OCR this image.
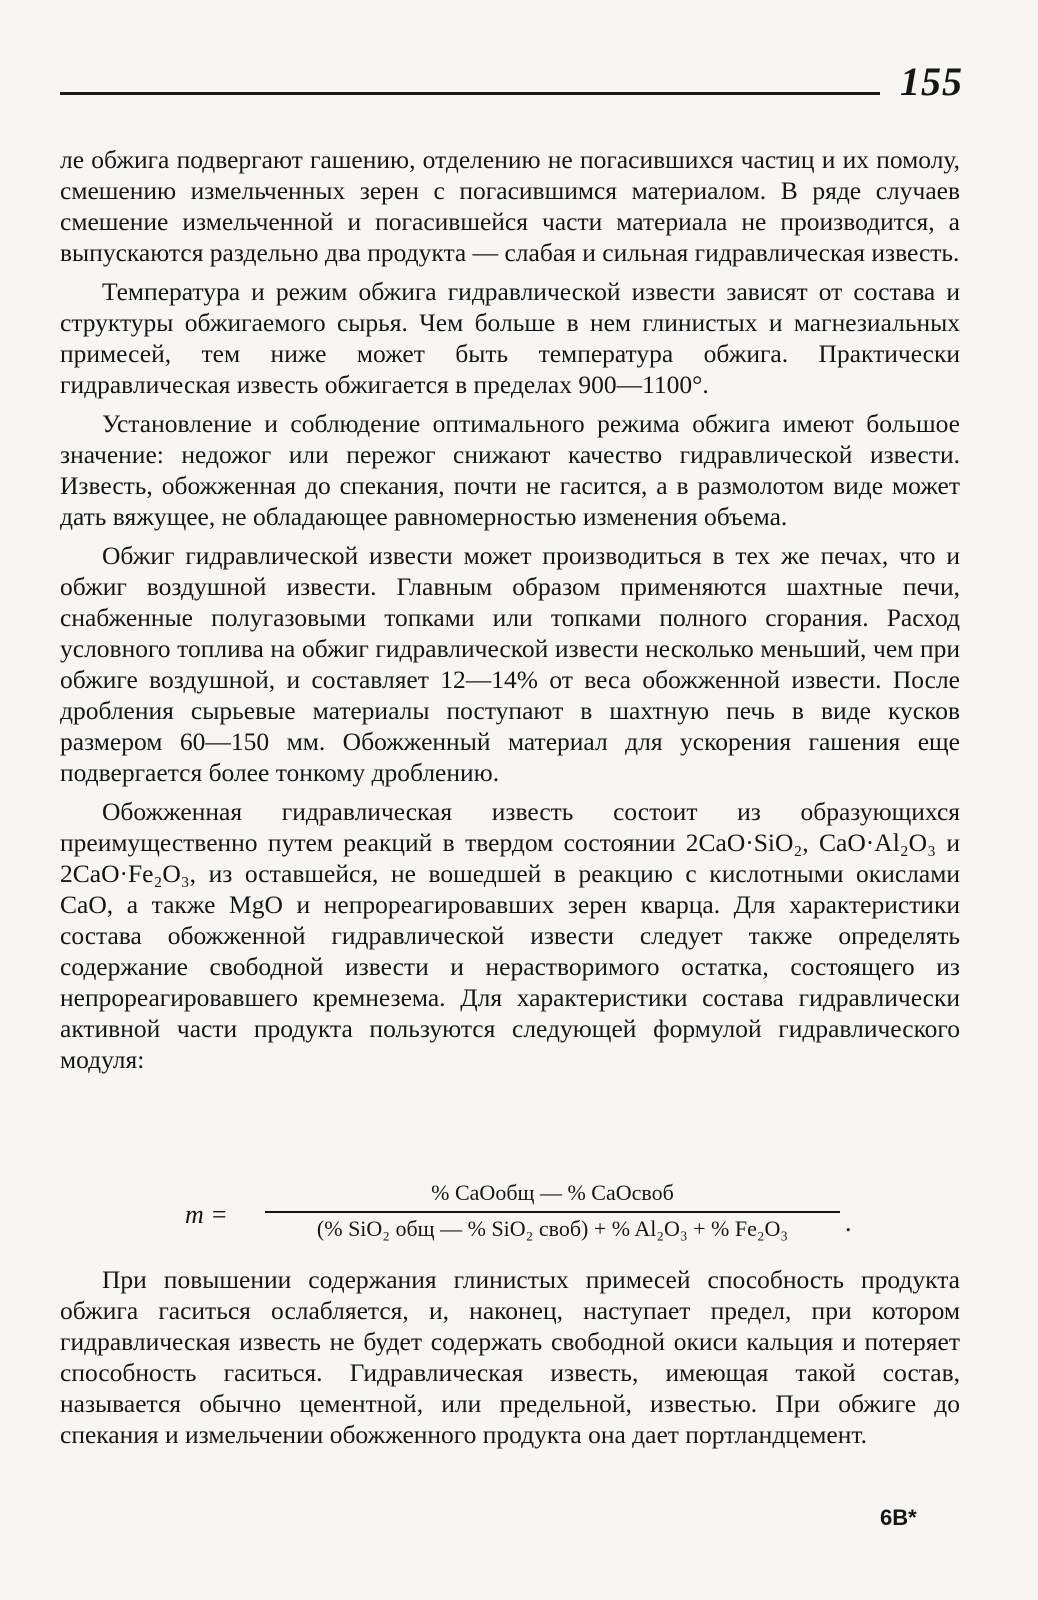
155

ле обжига подвергают гашению, отделению не погасившихся частиц и их помолу, смешению измельченных зерен с погасившимся материалом. В ряде случаев смешение измельченной и погасившейся части материала не производится, а выпускаются раздельно два продукта — слабая и сильная гидравлическая известь.

Температура и режим обжига гидравлической извести зависят от состава и структуры обжигаемого сырья. Чем больше в нем глинистых и магнезиальных примесей, тем ниже может быть температура обжига. Практически гидравлическая известь обжигается в пределах 900—1100°.

Установление и соблюдение оптимального режима обжига имеют большое значение: недожог или пережог снижают качество гидравлической извести. Известь, обожженная до спекания, почти не гасится, а в размолотом виде может дать вяжущее, не обладающее равномерностью изменения объема.

Обжиг гидравлической извести может производиться в тех же печах, что и обжиг воздушной извести. Главным образом применяются шахтные печи, снабженные полугазовыми топками или топками полного сгорания. Расход условного топлива на обжиг гидравлической извести несколько меньший, чем при обжиге воздушной, и составляет 12—14% от веса обожженной извести. После дробления сырьевые материалы поступают в шахтную печь в виде кусков размером 60—150 мм. Обожженный материал для ускорения гашения еще подвергается более тонкому дроблению.

Обожженная гидравлическая известь состоит из образующихся преимущественно путем реакций в твердом состоянии 2CaO·SiO₂, CaO·Al₂O₃ и 2CaO·Fe₂O₃, из оставшейся, не вошедшей в реакцию с кислотными окислами CaO, а также MgO и непрореагировавших зерен кварца. Для характеристики состава обожженной гидравлической извести следует также определять содержание свободной извести и нерастворимого остатка, состоящего из непрореагировавшего кремнезема. Для характеристики состава гидравлически активной части продукта пользуются следующей формулой гидравлического модуля:

m =
% CaOобщ — % CaOсвоб
(% SiO₂ общ — % SiO₂ своб) + % Al₂O₃ + % Fe₂O₃	.

При повышении содержания глинистых примесей способность продукта обжига гаситься ослабляется, и, наконец, наступает предел, при котором гидравлическая известь не будет содержать свободной окиси кальция и потеряет способность гаситься. Гидравлическая известь, имеющая такой состав, называется обычно цементной, или предельной, известью. При обжиге до спекания и измельчении обожженного продукта она дает портландцемент.

6В*
